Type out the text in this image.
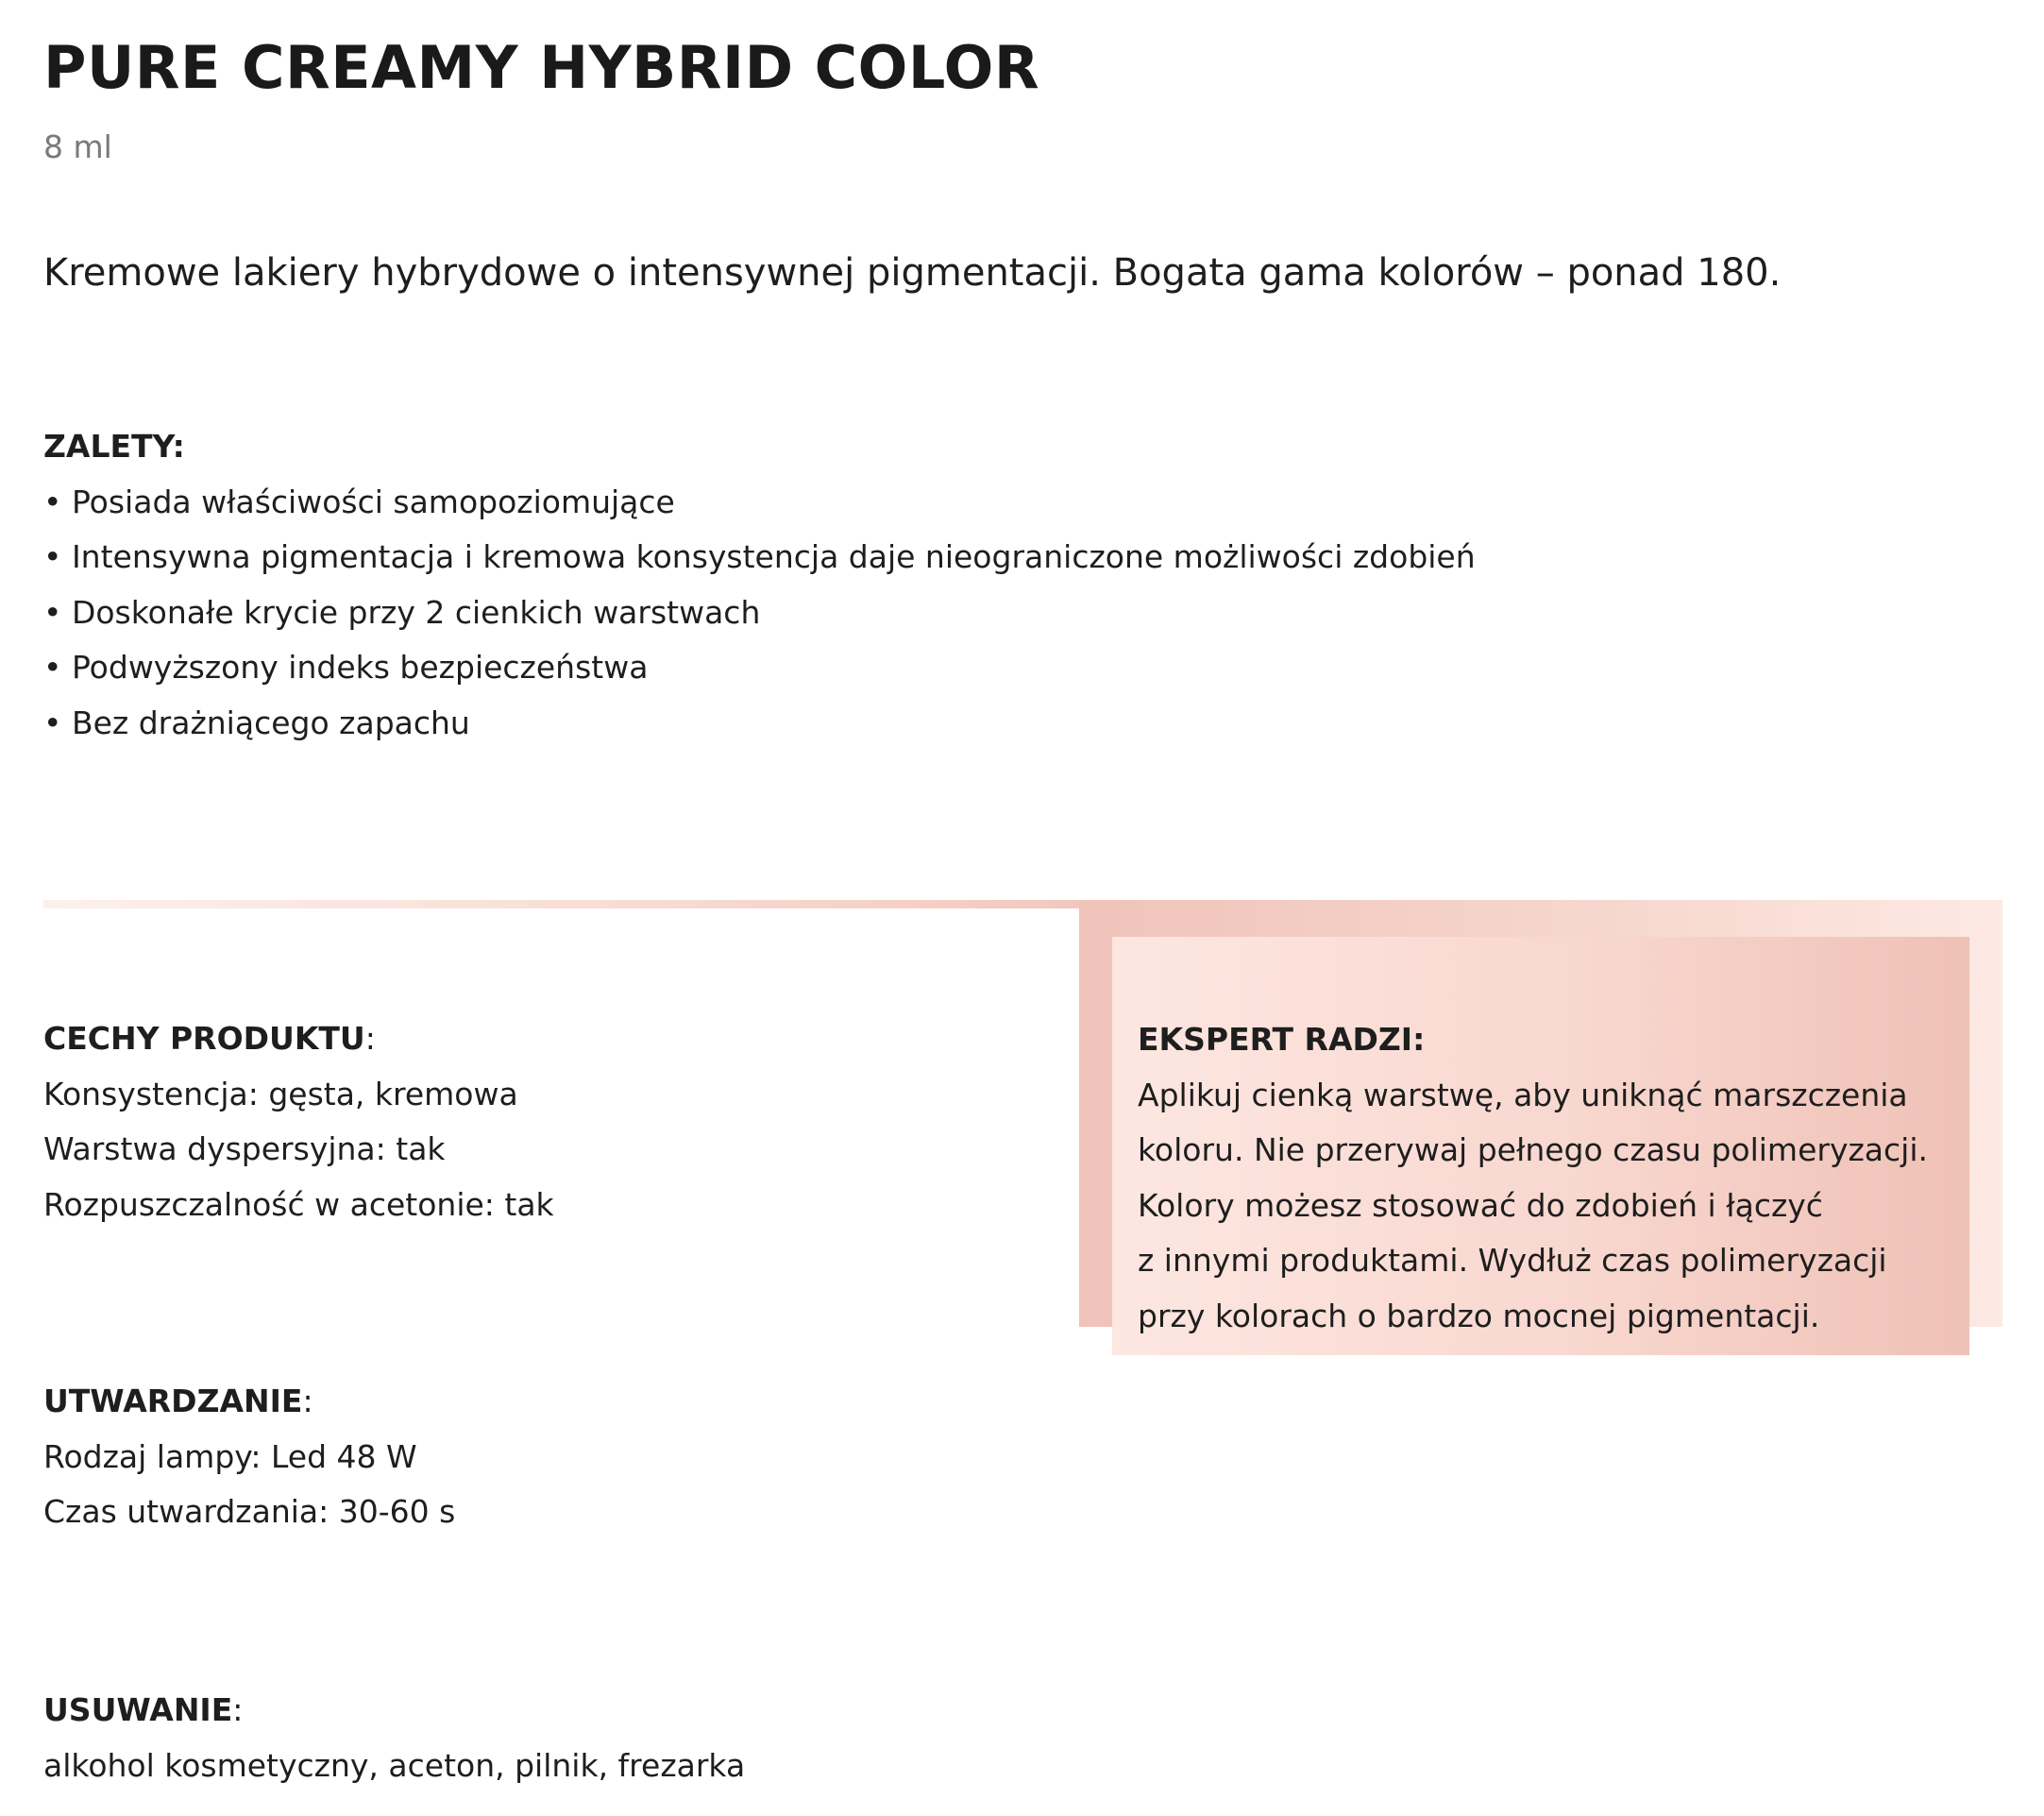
PURE CREAMY HYBRID COLOR
8 ml

Kremowe lakiery hybrydowe o intensywnej pigmentacji. Bogata gama kolorów – ponad 180.

ZALETY:
• Posiada właściwości samopoziomujące
• Intensywna pigmentacja i kremowa konsystencja daje nieograniczone możliwości zdobień
• Doskonałe krycie przy 2 cienkich warstwach
• Podwyższony indeks bezpieczeństwa
• Bez drażniącego zapachu
CECHY PRODUKTU:
Konsystencja: gęsta, kremowa
Warstwa dyspersyjna: tak
Rozpuszczalność w acetonie: tak
EKSPERT RADZI:
Aplikuj cienką warstwę, aby uniknąć marszczenia
koloru. Nie przerywaj pełnego czasu polimeryzacji.
Kolory możesz stosować do zdobień i łączyć
z innymi produktami. Wydłuż czas polimeryzacji
przy kolorach o bardzo mocnej pigmentacji.
UTWARDZANIE:
Rodzaj lampy: Led 48 W
Czas utwardzania: 30-60 s
USUWANIE:
alkohol kosmetyczny, aceton, pilnik, frezarka
